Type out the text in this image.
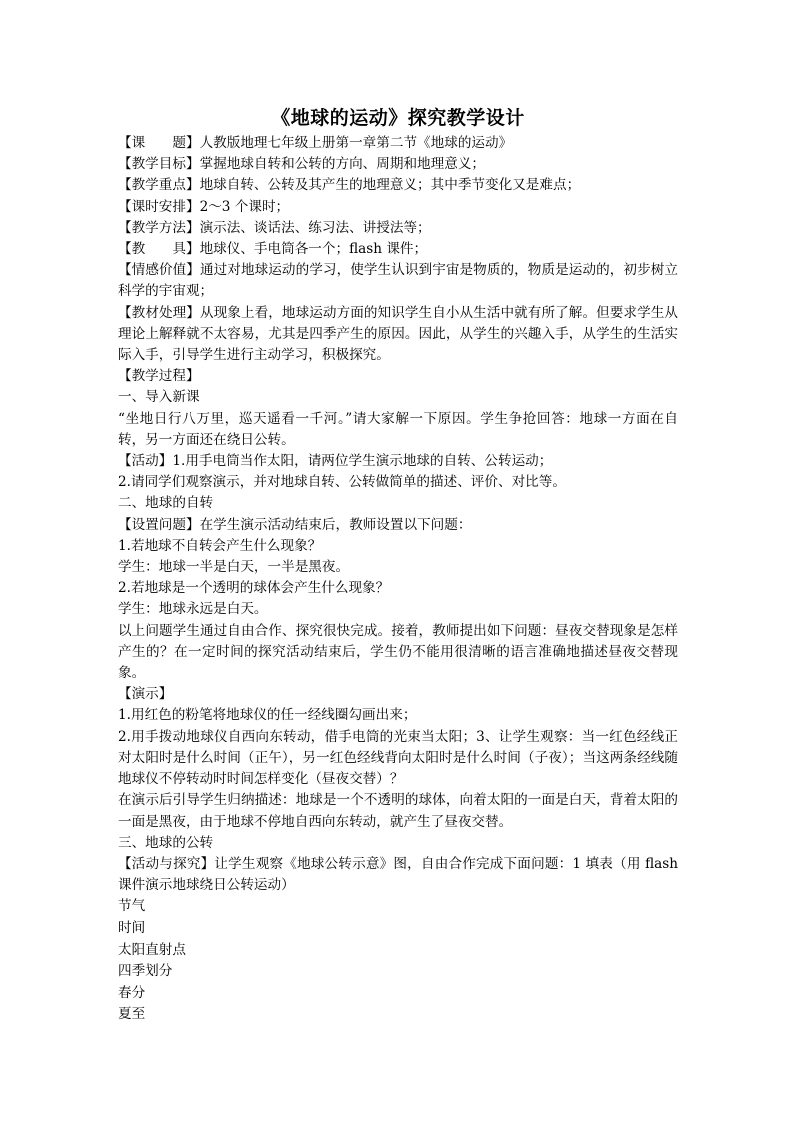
《地球的运动》探究教学设计
【课　　题】人教版地理七年级上册第一章第二节《地球的运动》
【教学目标】掌握地球自转和公转的方向、周期和地理意义；
【教学重点】地球自转、公转及其产生的地理意义；其中季节变化又是难点；
【课时安排】2～3 个课时；
【教学方法】演示法、谈话法、练习法、讲授法等；
【教　　具】地球仪、手电筒各一个；flash 课件；
【情感价值】通过对地球运动的学习，使学生认识到宇宙是物质的，物质是运动的，初步树立科学的宇宙观；
【教材处理】从现象上看，地球运动方面的知识学生自小从生活中就有所了解。但要求学生从理论上解释就不太容易，尤其是四季产生的原因。因此，从学生的兴趣入手，从学生的生活实际入手，引导学生进行主动学习，积极探究。
【教学过程】
一、导入新课
“坐地日行八万里，巡天遥看一千河。”请大家解一下原因。学生争抢回答：地球一方面在自转，另一方面还在绕日公转。
【活动】1.用手电筒当作太阳，请两位学生演示地球的自转、公转运动；
2.请同学们观察演示，并对地球自转、公转做简单的描述、评价、对比等。
二、地球的自转
【设置问题】在学生演示活动结束后，教师设置以下问题：
1.若地球不自转会产生什么现象？
学生：地球一半是白天，一半是黑夜。
2.若地球是一个透明的球体会产生什么现象？
学生：地球永远是白天。
以上问题学生通过自由合作、探究很快完成。接着，教师提出如下问题：昼夜交替现象是怎样产生的？在一定时间的探究活动结束后，学生仍不能用很清晰的语言准确地描述昼夜交替现象。
【演示】
1.用红色的粉笔将地球仪的任一经线圈勾画出来；
2.用手拨动地球仪自西向东转动，借手电筒的光束当太阳；3、让学生观察：当一红色经线正对太阳时是什么时间（正午），另一红色经线背向太阳时是什么时间（子夜）；当这两条经线随地球仪不停转动时时间怎样变化（昼夜交替）？
在演示后引导学生归纳描述：地球是一个不透明的球体，向着太阳的一面是白天，背着太阳的一面是黑夜，由于地球不停地自西向东转动，就产生了昼夜交替。
三、地球的公转
【活动与探究】让学生观察《地球公转示意》图，自由合作完成下面问题：1 填表（用 flash 课件演示地球绕日公转运动）
节气
时间
太阳直射点
四季划分
春分
夏至
